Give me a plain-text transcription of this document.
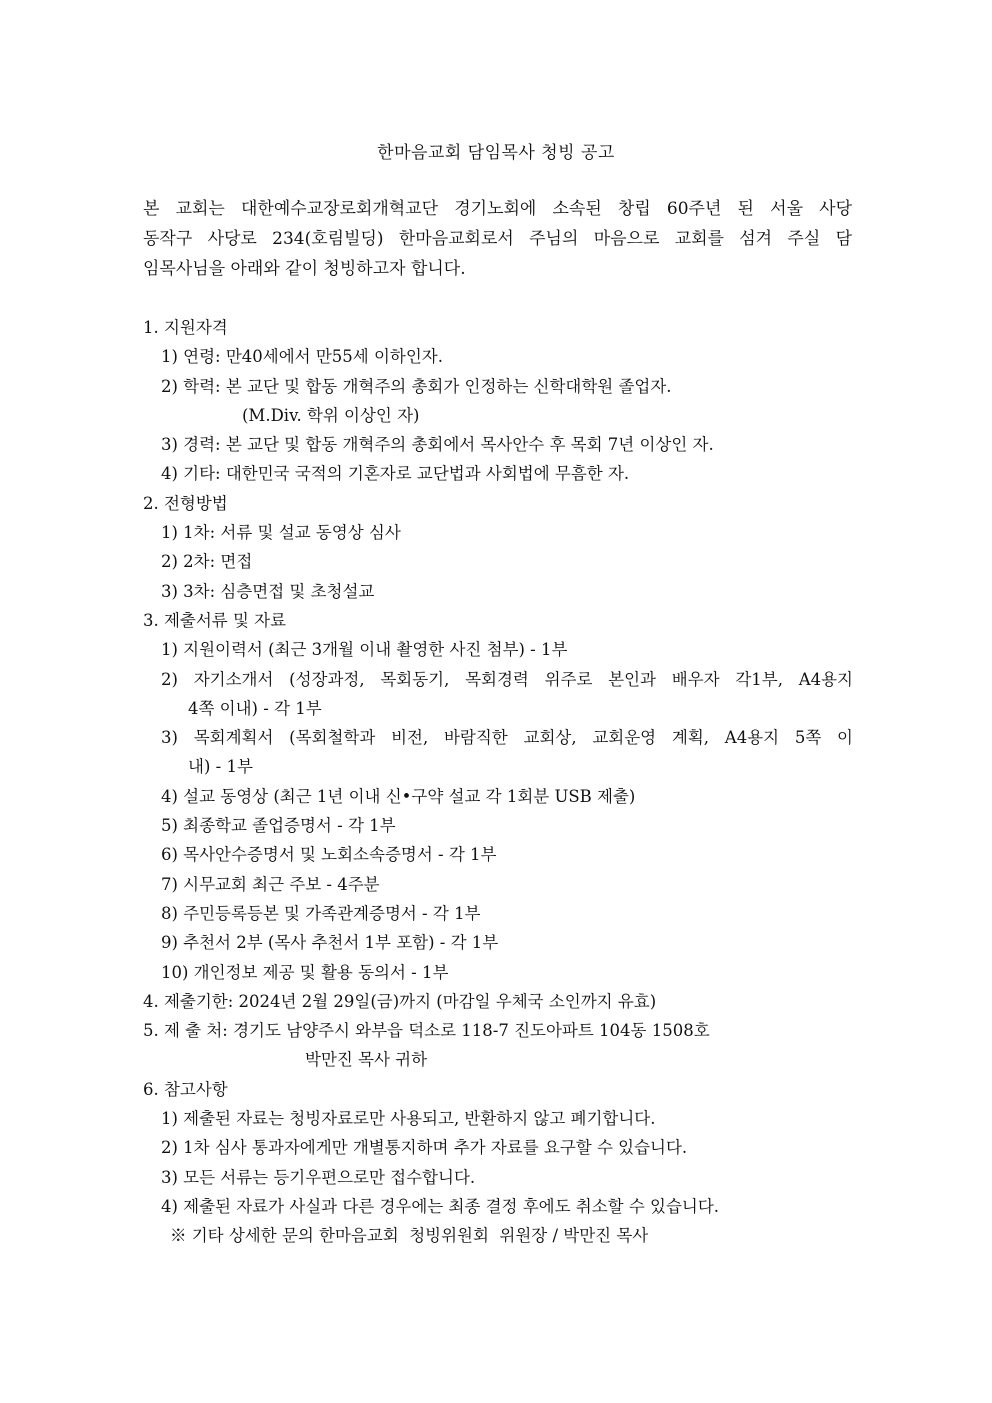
한마음교회 담임목사 청빙 공고

본 교회는 대한예수교장로회개혁교단 경기노회에 소속된 창립 60주년 된 서울 사당
동작구 사당로 234(호림빌딩) 한마음교회로서 주님의 마음으로 교회를 섬겨 주실 담
임목사님을 아래와 같이 청빙하고자 합니다.

1. 지원자격
1) 연령: 만40세에서 만55세 이하인자.
2) 학력: 본 교단 및 합동 개혁주의 총회가 인정하는 신학대학원 졸업자.
(M.Div. 학위 이상인 자)
3) 경력: 본 교단 및 합동 개혁주의 총회에서 목사안수 후 목회 7년 이상인 자.
4) 기타: 대한민국 국적의 기혼자로 교단법과 사회법에 무흠한 자.
2. 전형방법
1) 1차: 서류 및 설교 동영상 심사
2) 2차: 면접
3) 3차: 심층면접 및 초청설교
3. 제출서류 및 자료
1) 지원이력서 (최근 3개월 이내 촬영한 사진 첨부) - 1부
2) 자기소개서 (성장과정, 목회동기, 목회경력 위주로 본인과 배우자 각1부, A4용지
4쪽 이내) - 각 1부
3) 목회계획서 (목회철학과 비전, 바람직한 교회상, 교회운영 계획, A4용지 5쪽 이
내) - 1부
4) 설교 동영상 (최근 1년 이내 신•구약 설교 각 1회분 USB 제출)
5) 최종학교 졸업증명서 - 각 1부
6) 목사안수증명서 및 노회소속증명서 - 각 1부
7) 시무교회 최근 주보 - 4주분
8) 주민등록등본 및 가족관계증명서 - 각 1부
9) 추천서 2부 (목사 추천서 1부 포함) - 각 1부
10) 개인정보 제공 및 활용 동의서 - 1부
4. 제출기한: 2024년 2월 29일(금)까지 (마감일 우체국 소인까지 유효)
5. 제 출 처: 경기도 남양주시 와부읍 덕소로 118-7 진도아파트 104동 1508호
박만진 목사 귀하
6. 참고사항
1) 제출된 자료는 청빙자료로만 사용되고, 반환하지 않고 폐기합니다.
2) 1차 심사 통과자에게만 개별통지하며 추가 자료를 요구할 수 있습니다.
3) 모든 서류는 등기우편으로만 접수합니다.
4) 제출된 자료가 사실과 다른 경우에는 최종 결정 후에도 취소할 수 있습니다.
※ 기타 상세한 문의 한마음교회  청빙위원회  위원장 / 박만진 목사
